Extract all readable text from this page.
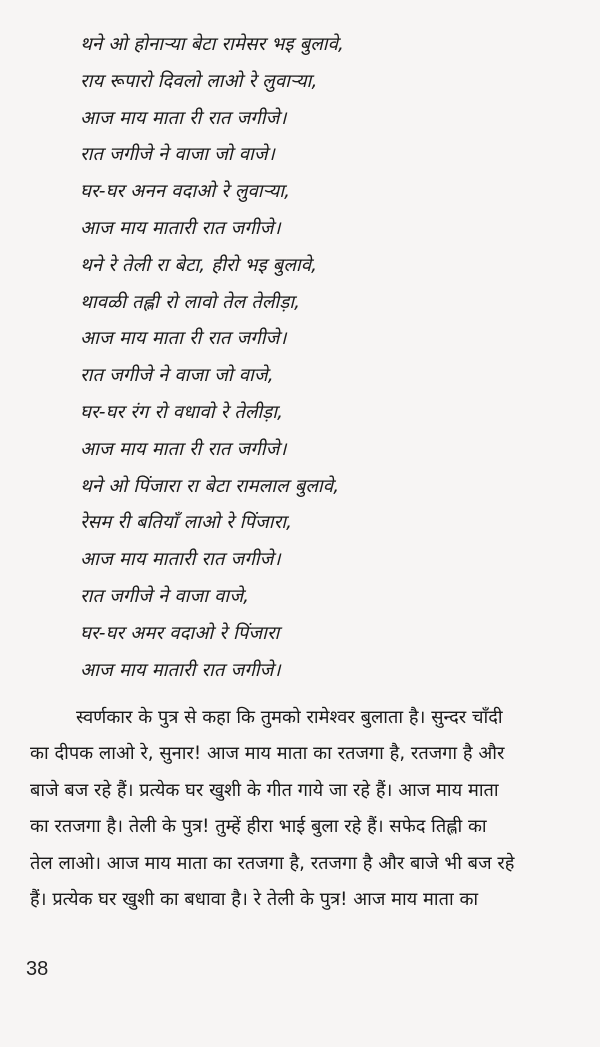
थने ओ होनाऱ्या बेटा रामेसर भइ बुलावे,
राय रूपारो दिवलो लाओ रे लुवाऱ्या,
आज माय माता री रात जगीजे।
रात जगीजे ने वाजा जो वाजे।
घर-घर अनन वदाओ रे लुवाऱ्या,
आज माय मातारी रात जगीजे।
थने रे तेली रा बेटा, हीरो भइ बुलावे,
थावळी तह्ली रो लावो तेल तेलीड़ा,
आज माय माता री रात जगीजे।
रात जगीजे ने वाजा जो वाजे,
घर-घर रंग रो वधावो रे तेलीड़ा,
आज माय माता री रात जगीजे।
थने ओ पिंजारा रा बेटा रामलाल बुलावे,
रेसम री बतियाँ लाओ रे पिंजारा,
आज माय मातारी रात जगीजे।
रात जगीजे ने वाजा वाजे,
घर-घर अमर वदाओ रे पिंजारा
आज माय मातारी रात जगीजे।
स्वर्णकार के पुत्र से कहा कि तुमको रामेश्वर बुलाता है। सुन्दर चाँदी
का दीपक लाओ रे, सुनार! आज माय माता का रतजगा है, रतजगा है और
बाजे बज रहे हैं। प्रत्येक घर खुशी के गीत गाये जा रहे हैं। आज माय माता
का रतजगा है। तेली के पुत्र! तुम्हें हीरा भाई बुला रहे हैं। सफेद तिह्ली का
तेल लाओ। आज माय माता का रतजगा है, रतजगा है और बाजे भी बज रहे
हैं। प्रत्येक घर खुशी का बधावा है। रे तेली के पुत्र! आज माय माता का
38
